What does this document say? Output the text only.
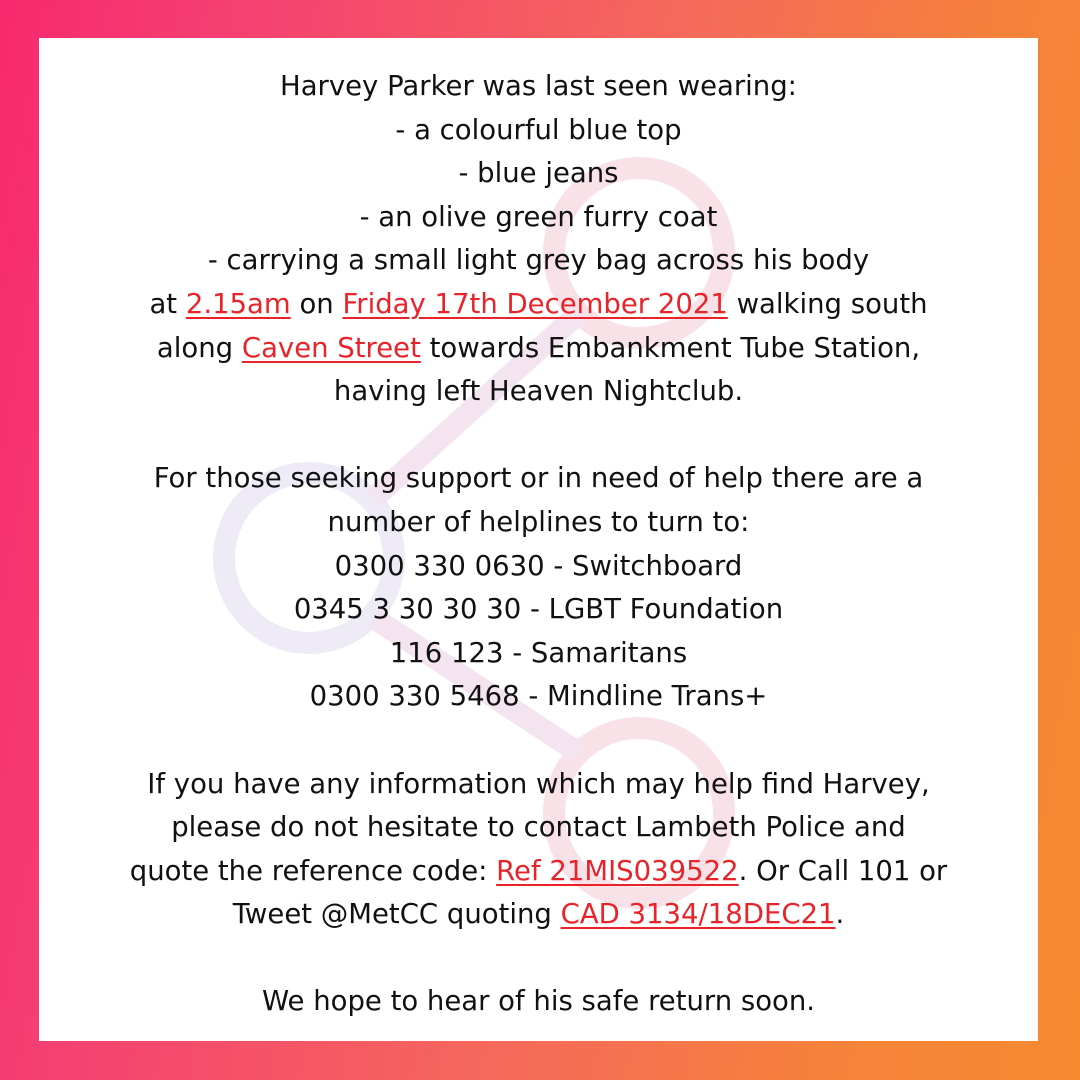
Harvey Parker was last seen wearing:
- a colourful blue top
- blue jeans
- an olive green furry coat
- carrying a small light grey bag across his body
at 2.15am on Friday 17th December 2021 walking south
along Caven Street towards Embankment Tube Station,
having left Heaven Nightclub.
For those seeking support or in need of help there are a
number of helplines to turn to:
0300 330 0630 - Switchboard
0345 3 30 30 30 - LGBT Foundation
116 123 - Samaritans
0300 330 5468 - Mindline Trans+
If you have any information which may help find Harvey,
please do not hesitate to contact Lambeth Police and
quote the reference code: Ref 21MIS039522. Or Call 101 or
Tweet @MetCC quoting CAD 3134/18DEC21.
We hope to hear of his safe return soon.
